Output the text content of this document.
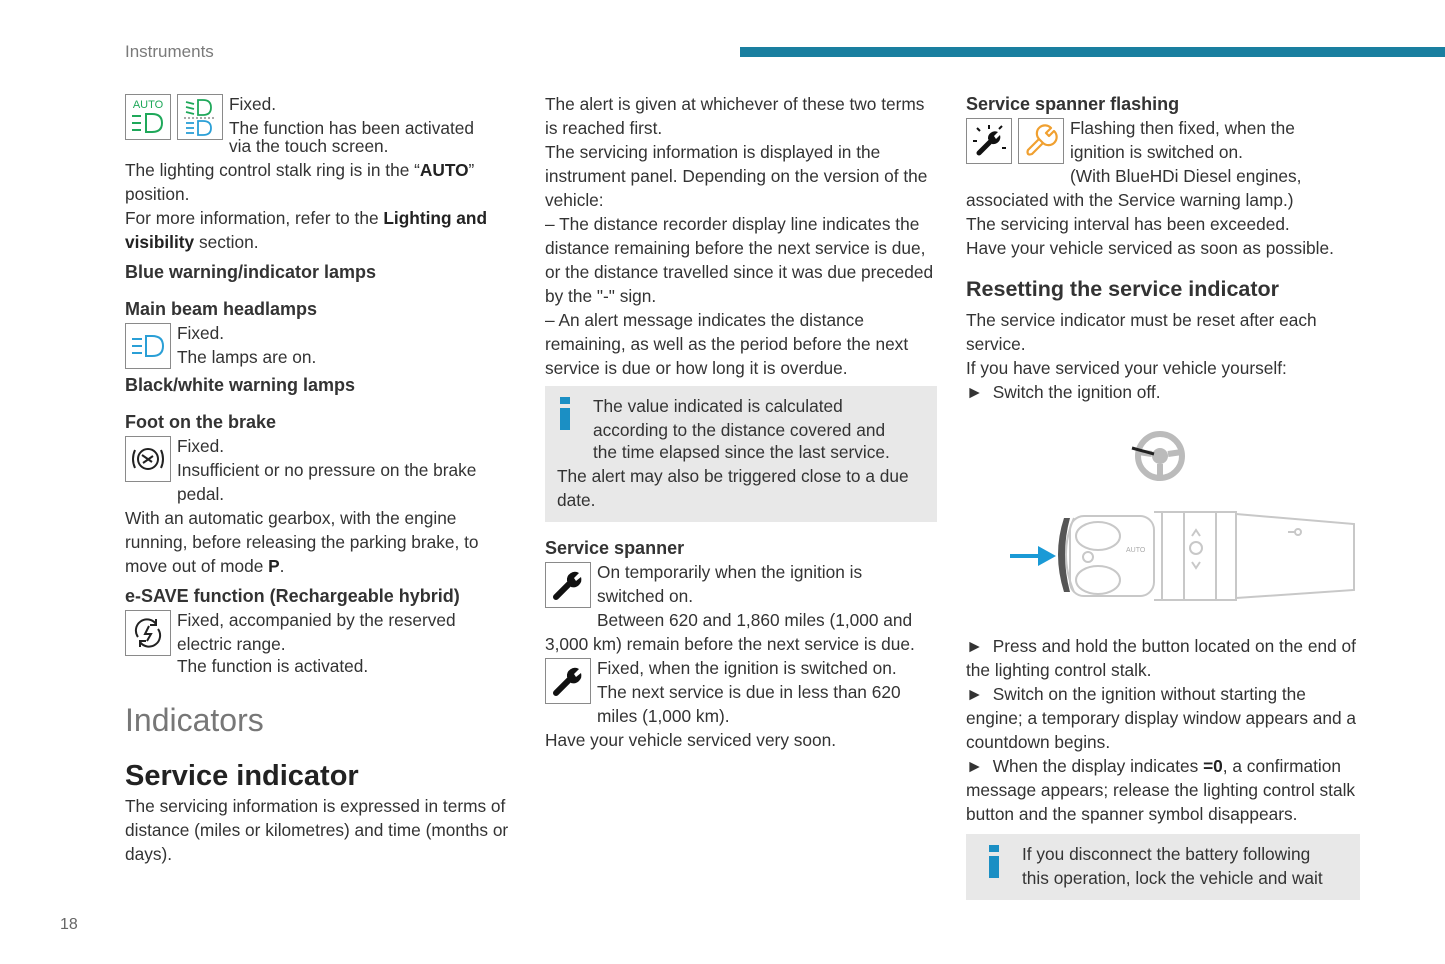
Instruments
18
AUTO	Fixed.

The function has been activated

via the touch screen.

The lighting control stalk ring is in the “AUTO”
position.

For more information, refer to the Lighting and visibility section.

Blue warning/indicator lamps

Main beam headlamps

Fixed.

The lamps are on.

Black/white warning lamps

Foot on the brake

Fixed.

Insufficient or no pressure on the brake

pedal.

With an automatic gearbox, with the engine running, before releasing the parking brake, to move out of mode P.

e-SAVE function (Rechargeable hybrid)

Fixed, accompanied by the reserved

electric range.

The function is activated.

Indicators

Service indicator

The servicing information is expressed in terms of distance (miles or kilometres) and time (months or days).

The alert is given at whichever of these two terms is reached first.

The servicing information is displayed in the instrument panel. Depending on the version of the vehicle:

– The distance recorder display line indicates the distance remaining before the next service is due, or the distance travelled since it was due preceded by the "-" sign.

– An alert message indicates the distance remaining, as well as the period before the next service is due or how long it is overdue.

The value indicated is calculated

according to the distance covered and

the time elapsed since the last service.

The alert may also be triggered close to a due date.

Service spanner

On temporarily when the ignition is

switched on.

Between 620 and 1,860 miles (1,000 and 3,000 km) remain before the next service is due.

Fixed, when the ignition is switched on.

The next service is due in less than 620

miles (1,000 km).

Have your vehicle serviced very soon.

Service spanner flashing

Flashing then fixed, when the

ignition is switched on.

(With BlueHDi Diesel engines, associated with the Service warning lamp.)

The servicing interval has been exceeded.

Have your vehicle serviced as soon as possible.

Resetting the service indicator

The service indicator must be reset after each service.

If you have serviced your vehicle yourself:

► Switch the ignition off.

AUTO

► Press and hold the button located on the end of the lighting control stalk.

► Switch on the ignition without starting the engine; a temporary display window appears and a countdown begins.

► When the display indicates =0, a confirmation message appears; release the lighting control stalk button and the spanner symbol disappears.

If you disconnect the battery following

this operation, lock the vehicle and wait
